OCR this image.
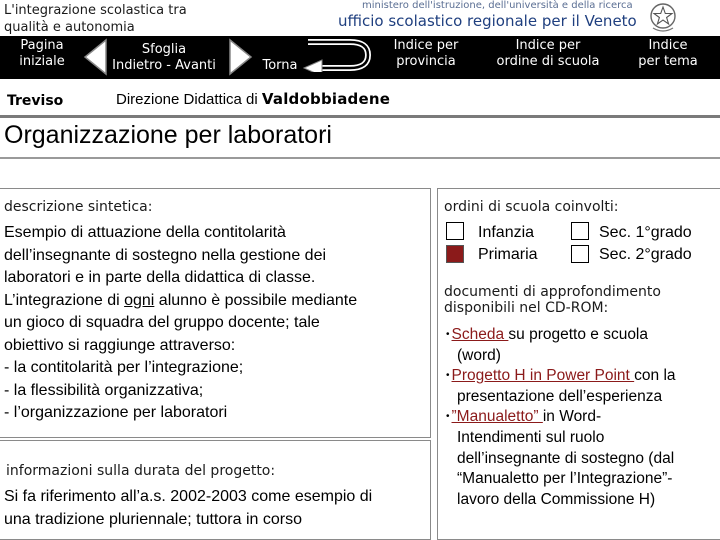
L'integrazione scolastica tra qualità e autonomia
ministero dell'istruzione, dell'università e della ricerca
ufficio scolastico regionale per il Veneto
Pagina
iniziale
Sfoglia
Indietro - Avanti	Torna
Indice per
provincia
Indice per
ordine di scuola
Indice
per tema
Treviso	Direzione Didattica di Valdobbiadene
Organizzazione per laboratori
descrizione sintetica:
Esempio di attuazione della contitolarità
dell’insegnante di sostegno nella gestione dei
laboratori e in parte della didattica di classe.
L’integrazione di ogni alunno è possibile mediante
un gioco di squadra del gruppo docente; tale
obiettivo si raggiunge attraverso:
- la contitolarità per l’integrazione;
- la flessibilità organizzativa;
- l’organizzazione per laboratori
informazioni sulla durata del progetto:
Si fa riferimento all’a.s. 2002-2003 come esempio di
una tradizione pluriennale; tuttora in corso
ordini di scuola coinvolti:
Infanzia	Sec. 1°grado
Primaria	Sec. 2°grado
documenti di approfondimento
disponibili nel CD-ROM:
• Scheda su progetto e scuola
(word)
• Progetto H in Power Point con la
presentazione dell’esperienza
• ”Manualetto” in Word-
Intendimenti sul ruolo
dell’insegnante di sostegno (dal
“Manualetto per l’Integrazione”-
lavoro della Commissione H)
